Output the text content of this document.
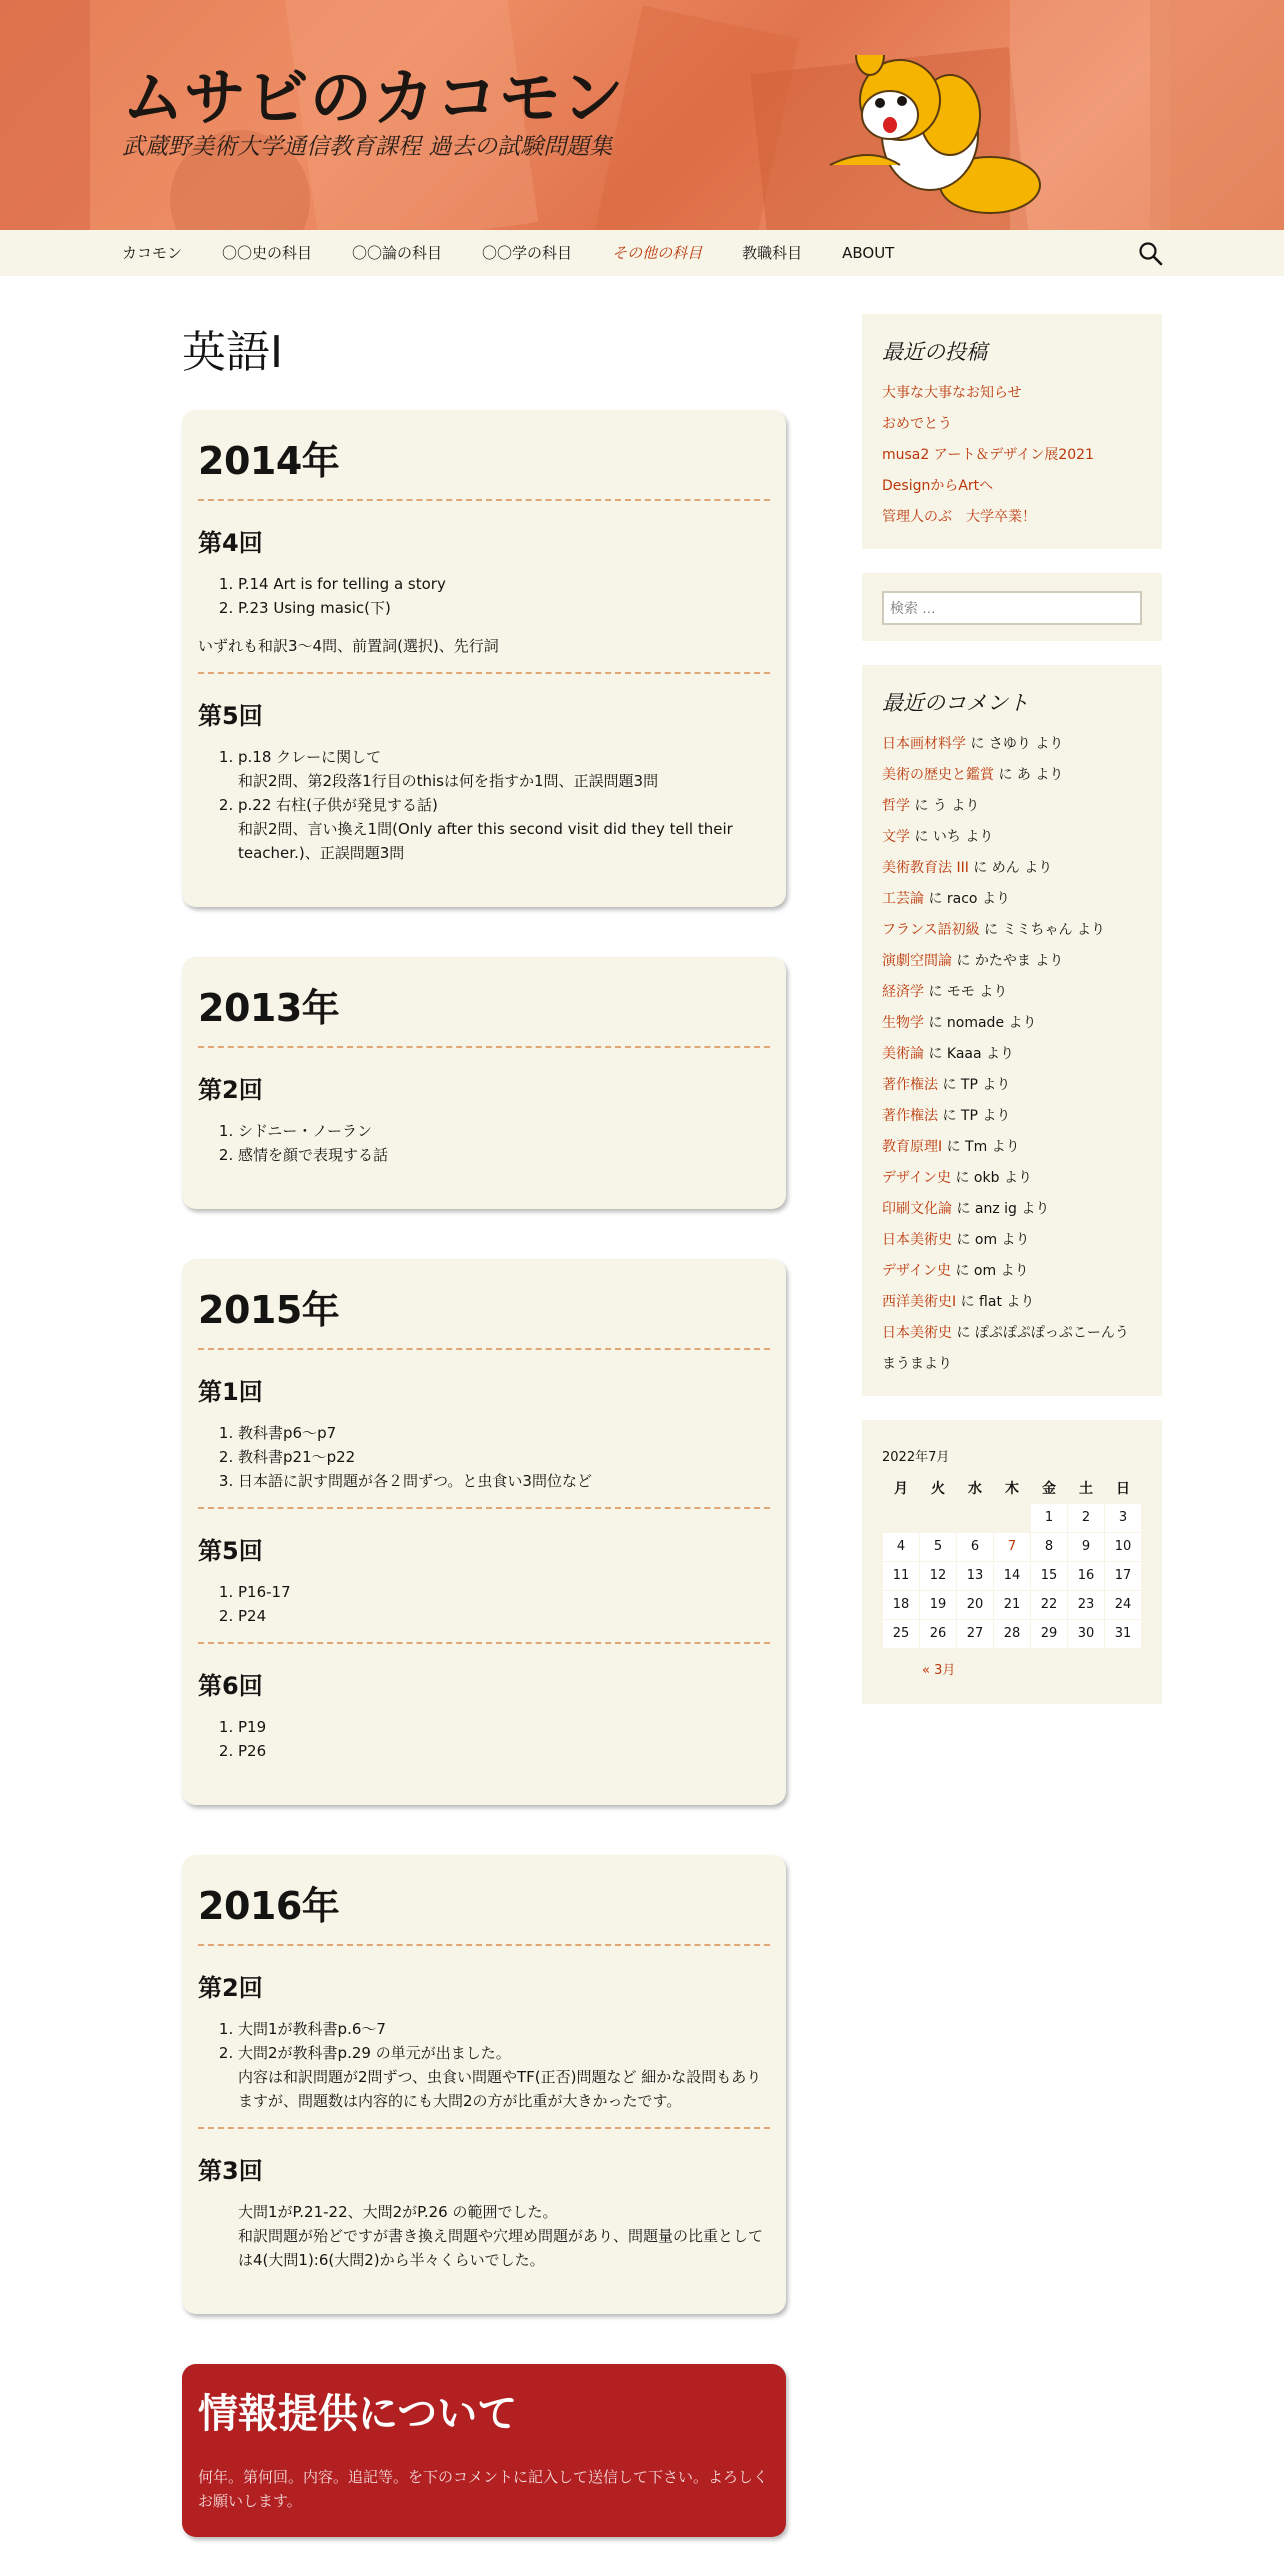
ムサビのカコモン

武蔵野美術大学通信教育課程 過去の試験問題集

カコモン	〇〇史の科目	〇〇論の科目	〇〇学の科目	その他の科目	教職科目	ABOUT
英語Ⅰ
2014年
第4回
1. P.14 Art is for telling a story
2. P.23 Using masic(下)

いずれも和訳3～4問、前置詞(選択)、先行詞

第5回
1. p.18 クレーに関して
和訳2問、第2段落1行目のthisは何を指すか1問、正誤問題3問
2. p.22 右柱(子供が発見する話)
和訳2問、言い換え1問(Only after this second visit did they tell their teacher.)、正誤問題3問
2013年
第2回
1. シドニー・ノーラン
2. 感情を顔で表現する話
2015年
第1回
1. 教科書p6～p7
2. 教科書p21～p22
3. 日本語に訳す問題が各２問ずつ。と虫食い3問位など
第5回
1. P16-17
2. P24
第6回
1. P19
2. P26
2016年
第2回
1. 大問1が教科書p.6〜7
2. 大問2が教科書p.29 の単元が出ました。
内容は和訳問題が2問ずつ、虫食い問題やTF(正否)問題など 細かな設問もありますが、問題数は内容的にも大問2の方が比重が大きかったです。
第3回

大問1がP.21-22、大問2がP.26 の範囲でした。
和訳問題が殆どですが書き換え問題や穴埋め問題があり、問題量の比重としては4(大問1):6(大問2)から半々くらいでした。

情報提供について

何年。第何回。内容。追記等。を下のコメントに記入して送信して下さい。よろしくお願いします。

最近の投稿
大事な大事なお知らせ
おめでとう
musa2 アート＆デザイン展2021
DesignからArtへ
管理人のぶ　大学卒業！
検索 …
最近のコメント
日本画材料学 に さゆり より
美術の歴史と鑑賞 に あ より
哲学 に う より
文学 に いち より
美術教育法 III に めん より
工芸論 に raco より
フランス語初級 に ミミちゃん より
演劇空間論 に かたやま より
経済学 に モモ より
生物学 に nomade より
美術論 に Kaaa より
著作権法 に TP より
著作権法 に TP より
教育原理Ⅰ に Tm より
デザイン史 に okb より
印刷文化論 に anz ig より
日本美術史 に om より
デザイン史 に om より
西洋美術史Ⅰ に flat より
日本美術史 に ぽぷぽぷぽっぷこーんうまうまより
2022年7月
月	火	水	木	金	土	日
				1	2	3
4	5	6	7	8	9	10
11	12	13	14	15	16	17
18	19	20	21	22	23	24
25	26	27	28	29	30	31
« 3月
